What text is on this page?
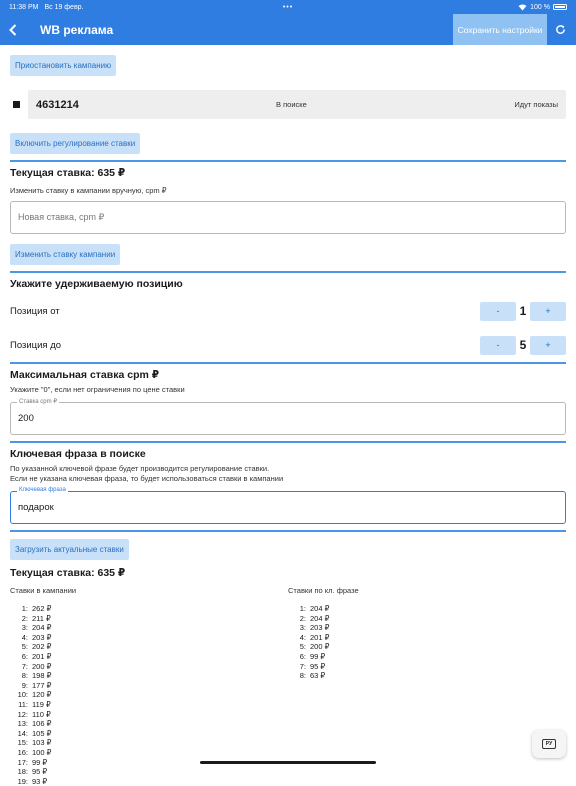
11:38 PM Вс 19 февр.	•••	100 %
WB реклама	Сохранить настройки
Приостановить кампанию
4631214	В поиске	Идут показы
Включить регулирование ставки
Текущая ставка: 635 ₽
Изменить ставку в кампании вручную, cpm ₽
Новая ставка, cpm ₽
Изменить ставку кампании
Укажите удерживаемую позицию
Позиция от	-	1	+
Позиция до	-	5	+
Максимальная ставка cpm ₽
Укажите "0", если нет ограничения по цене ставки
Ставка cpm ₽
200
Ключевая фраза в поиске
По указанной ключевой фразе будет производится регулирование ставки.
Если не указана ключевая фраза, то будет использоваться ставки в кампании
Ключевая фраза
подарок
Загрузить актуальные ставки
Текущая ставка: 635 ₽
Ставки в кампании
1: 262 ₽
2: 211 ₽
3: 204 ₽
4: 203 ₽
5: 202 ₽
6: 201 ₽
7: 200 ₽
8: 198 ₽
9: 177 ₽
10: 120 ₽
11: 119 ₽
12: 110 ₽
13: 106 ₽
14: 105 ₽
15: 103 ₽
16: 100 ₽
17: 99 ₽
18: 95 ₽
19: 93 ₽
Ставки по кл. фразе
1: 204 ₽
2: 204 ₽
3: 203 ₽
4: 201 ₽
5: 200 ₽
6: 99 ₽
7: 95 ₽
8: 63 ₽
РУ
